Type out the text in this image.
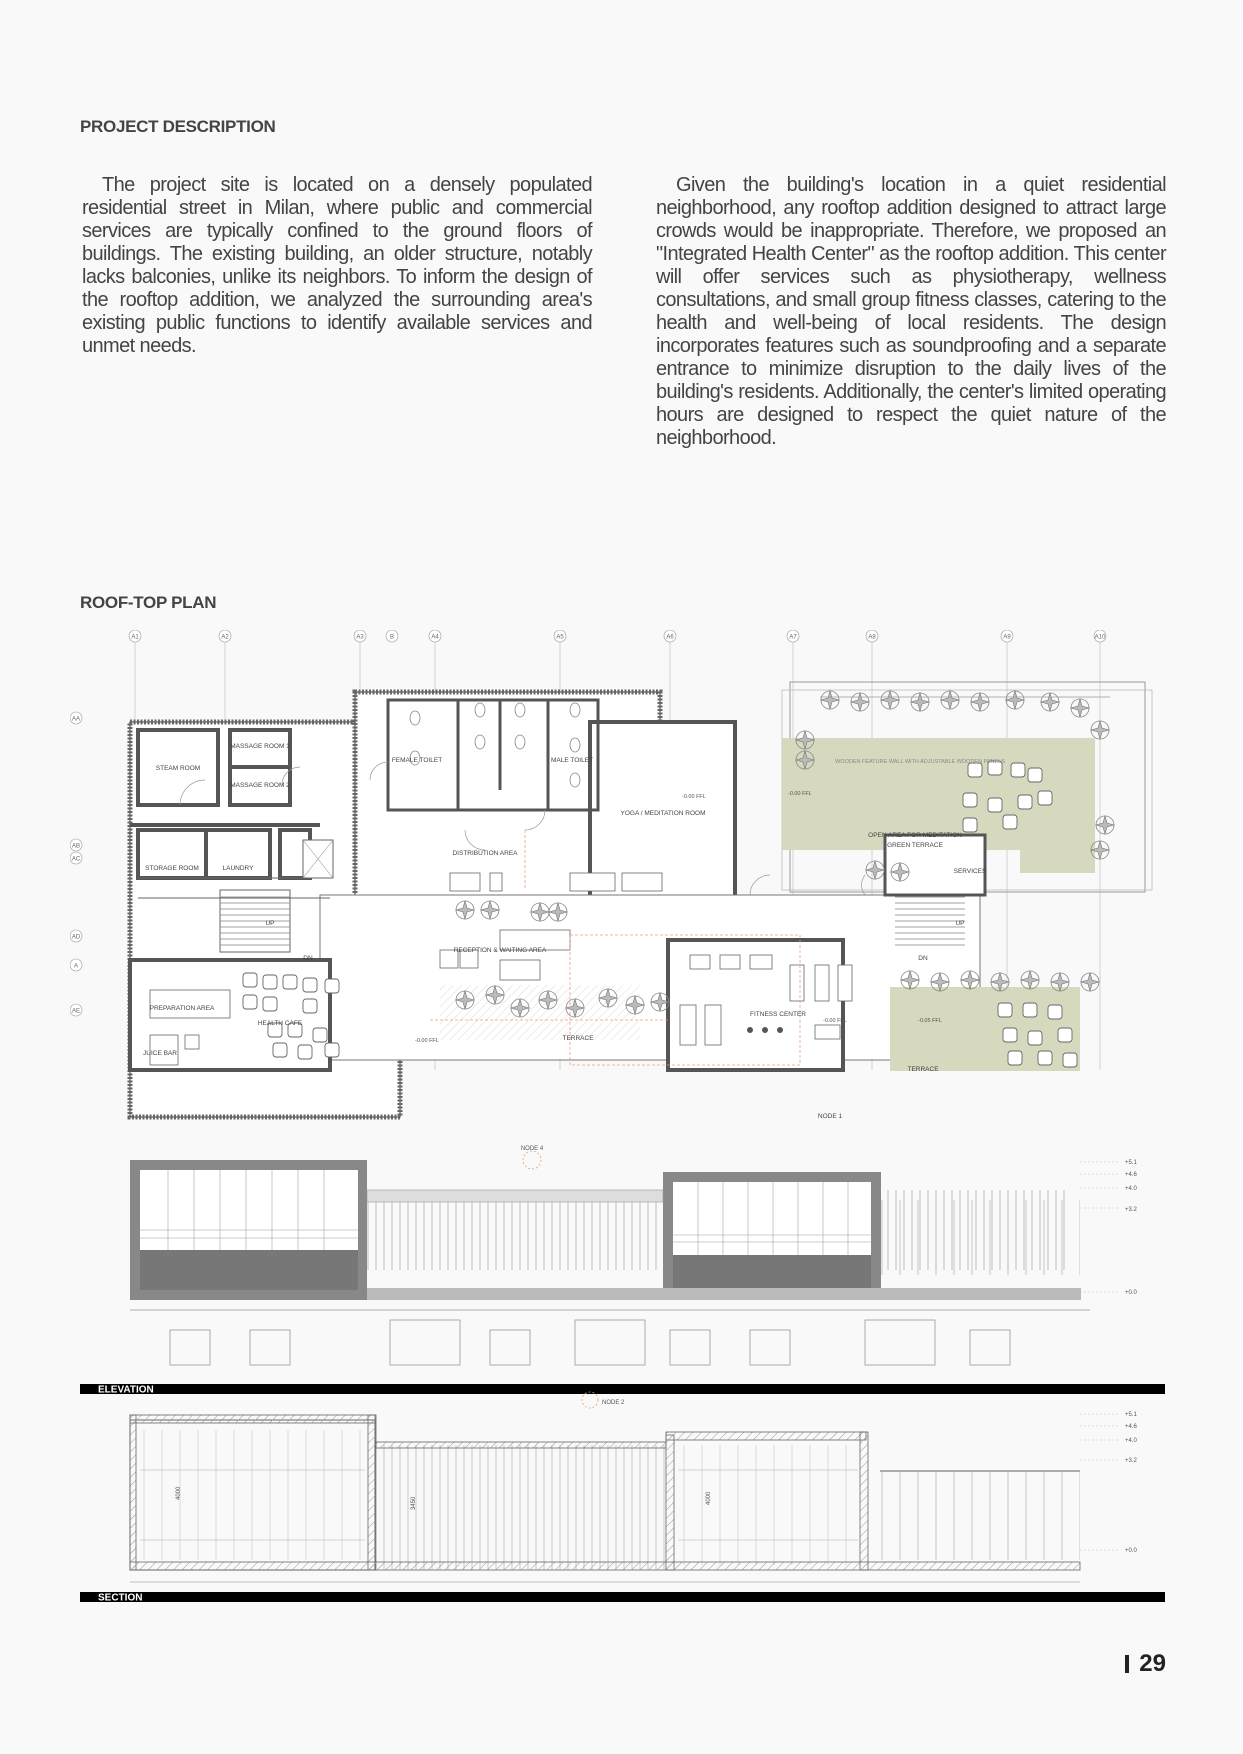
PROJECT DESCRIPTION

The project site is located on a densely populated residential street in Milan, where public and commercial services are typically confined to the ground floors of buildings. The existing building, an older structure, notably lacks balconies, unlike its neighbors. To inform the design of the rooftop addition, we analyzed the surrounding area's existing public functions to identify available services and unmet needs.

Given the building's location in a quiet residential neighborhood, any rooftop addition designed to attract large crowds would be inappropriate. Therefore, we proposed an "Integrated Health Center" as the rooftop addition. This center will offer services such as physiotherapy, wellness consultations, and small group fitness classes, catering to the health and well-being of local residents. The design incorporates features such as soundproofing and a separate entrance to minimize disruption to the daily lives of the building's residents. Additionally, the center's limited operating hours are designed to respect the quiet nature of the neighborhood.

ROOF-TOP PLAN
A1	A2	A3	B	A4	A5	A6	A7	A8	A9	A10
AA
AB
AC
AD
A
AE
STEAM ROOM
MASSAGE ROOM 1
MASSAGE ROOM 2
FEMALE TOILET	MALE TOILET
YOGA / MEDITATION ROOM
WOODEN FEATURE WALL WITH ADJUSTABLE WOODEN PANELS
OPEN AREA FOR MEDITATION
GREEN TERRACE
SERVICES
STORAGE ROOM	LAUNDRY
DISTRIBUTION AREA
RECEPTION & WAITING AREA
FITNESS CENTER
PREPARATION AREA
HEALTH CAFE
JUICE BAR
TERRACE
TERRACE
UP
DN
UP
DN
NODE 1
-0.00 FFL	-0.00 FFL
-0.00 FFL
-0.00 FFL	-0.05 FFL
NODE 4
+5.1
+4.6
+4.0
+3.2
+0.0
ELEVATION
4000
3450	4000
NODE 2
+5.1
+4.6
+4.0
+3.2
+0.0
SECTION
29
